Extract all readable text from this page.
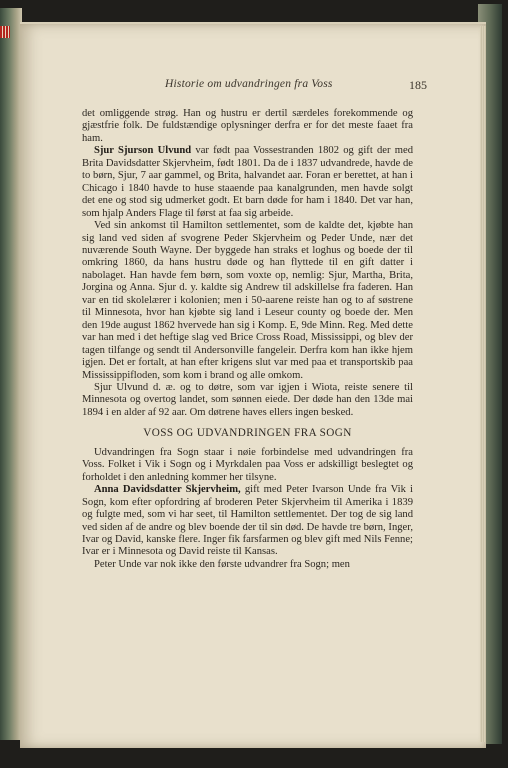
Historie om udvandringen fra Voss	185

det omliggende strøg. Han og hustru er dertil særdeles forekommende og gjæstfrie folk. De fuldstændige oplysninger derfra er for det meste faaet fra ham.

Sjur Sjurson Ulvund var født paa Vossestranden 1802 og gift der med Brita Davidsdatter Skjervheim, født 1801. Da de i 1837 udvandrede, havde de to børn, Sjur, 7 aar gammel, og Brita, halvandet aar. Foran er berettet, at han i Chicago i 1840 havde to huse staaende paa kanalgrunden, men havde solgt det ene og stod sig udmerket godt. Et barn døde for ham i 1840. Det var han, som hjalp Anders Flage til først at faa sig arbeide.

Ved sin ankomst til Hamilton settlementet, som de kaldte det, kjøbte han sig land ved siden af svogrene Peder Skjervheim og Peder Unde, nær det nuværende South Wayne. Der byggede han straks et loghus og boede der til omkring 1860, da hans hustru døde og han flyttede til en gift datter i nabolaget. Han havde fem børn, som voxte op, nemlig: Sjur, Martha, Brita, Jorgina og Anna. Sjur d. y. kaldte sig Andrew til adskillelse fra faderen. Han var en tid skolelærer i kolonien; men i 50-aarene reiste han og to af søstrene til Minnesota, hvor han kjøbte sig land i Leseur county og boede der. Men den 19de august 1862 hvervede han sig i Komp. E, 9de Minn. Reg. Med dette var han med i det heftige slag ved Brice Cross Road, Mississippi, og blev der tagen tilfange og sendt til Andersonville fangeleir. Derfra kom han ikke hjem igjen. Det er fortalt, at han efter krigens slut var med paa et transportskib paa Mississippifloden, som kom i brand og alle omkom.

Sjur Ulvund d. æ. og to døtre, som var igjen i Wiota, reiste senere til Minnesota og overtog landet, som sønnen eiede. Der døde han den 13de mai 1894 i en alder af 92 aar. Om døtrene haves ellers ingen besked.

VOSS OG UDVANDRINGEN FRA SOGN

Udvandringen fra Sogn staar i nøie forbindelse med udvandringen fra Voss. Folket i Vik i Sogn og i Myrkdalen paa Voss er adskilligt beslegtet og forholdet i den anledning kommer her tilsyne.

Anna Davidsdatter Skjervheim, gift med Peter Ivarson Unde fra Vik i Sogn, kom efter opfordring af broderen Peter Skjervheim til Amerika i 1839 og fulgte med, som vi har seet, til Hamilton settlementet. Der tog de sig land ved siden af de andre og blev boende der til sin død. De havde tre børn, Inger, Ivar og David, kanske flere. Inger fik farsfarmen og blev gift med Nils Fenne; Ivar er i Minnesota og David reiste til Kansas.

Peter Unde var nok ikke den første udvandrer fra Sogn; men
